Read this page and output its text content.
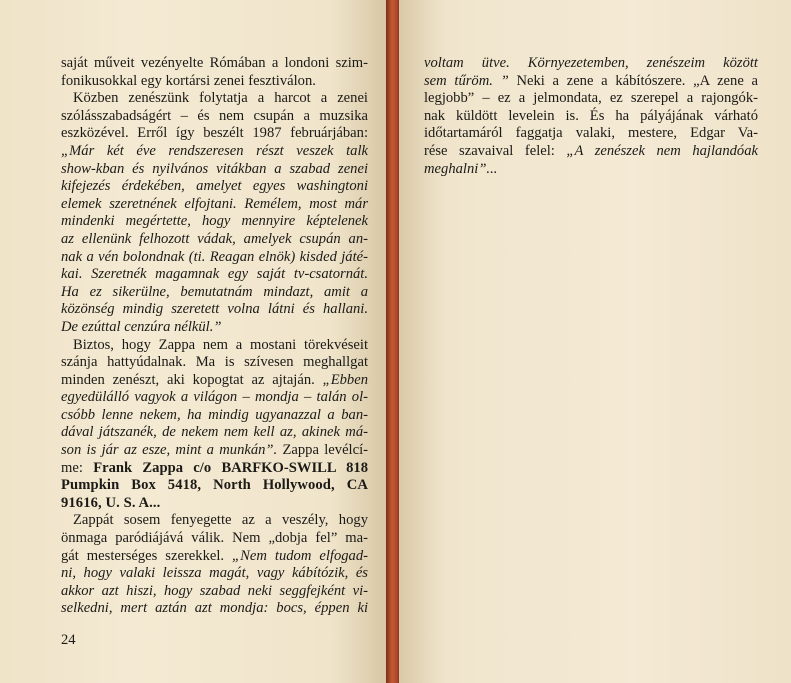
saját műveit vezényelte Rómában a londoni szim-
fonikusokkal egy kortársi zenei fesztiválon.
Közben zenészünk folytatja a harcot a zenei
szólásszabadságért – és nem csupán a muzsika
eszközével. Erről így beszélt 1987 februárjában:
„Már két éve rendszeresen részt veszek talk
show-kban és nyilvános vitákban a szabad zenei
kifejezés érdekében, amelyet egyes washingtoni
elemek szeretnének elfojtani. Remélem, most már
mindenki megértette, hogy mennyire képtelenek
az ellenünk felhozott vádak, amelyek csupán an-
nak a vén bolondnak (ti. Reagan elnök) kisded játé-
kai. Szeretnék magamnak egy saját tv-csatornát.
Ha ez sikerülne, bemutatnám mindazt, amit a
közönség mindig szeretett volna látni és hallani.
De ezúttal cenzúra nélkül.”
Biztos, hogy Zappa nem a mostani törekvéseit
szánja hattyúdalnak. Ma is szívesen meghallgat
minden zenészt, aki kopogtat az ajtaján. „Ebben
egyedülálló vagyok a világon – mondja – talán ol-
csóbb lenne nekem, ha mindig ugyanazzal a ban-
dával játszanék, de nekem nem kell az, akinek má-
son is jár az esze, mint a munkán”. Zappa levélcí-
me: Frank Zappa c/o BARFKO-SWILL 818
Pumpkin Box 5418, North Hollywood, CA
91616, U. S. A...
Zappát sosem fenyegette az a veszély, hogy
önmaga paródiájává válik. Nem „dobja fel” ma-
gát mesterséges szerekkel. „Nem tudom elfogad-
ni, hogy valaki leissza magát, vagy kábítózik, és
akkor azt hiszi, hogy szabad neki seggfejként vi-
selkedni, mert aztán azt mondja: bocs, éppen ki
24
voltam ütve. Környezetemben, zenészeim között
sem tűröm. ” Neki a zene a kábítószere. „A zene a
legjobb” – ez a jelmondata, ez szerepel a rajongók-
nak küldött levelein is. És ha pályájának várható
időtartamáról faggatja valaki, mestere, Edgar Va-
rése szavaival felel: „A zenészek nem hajlandóak
meghalni”...
